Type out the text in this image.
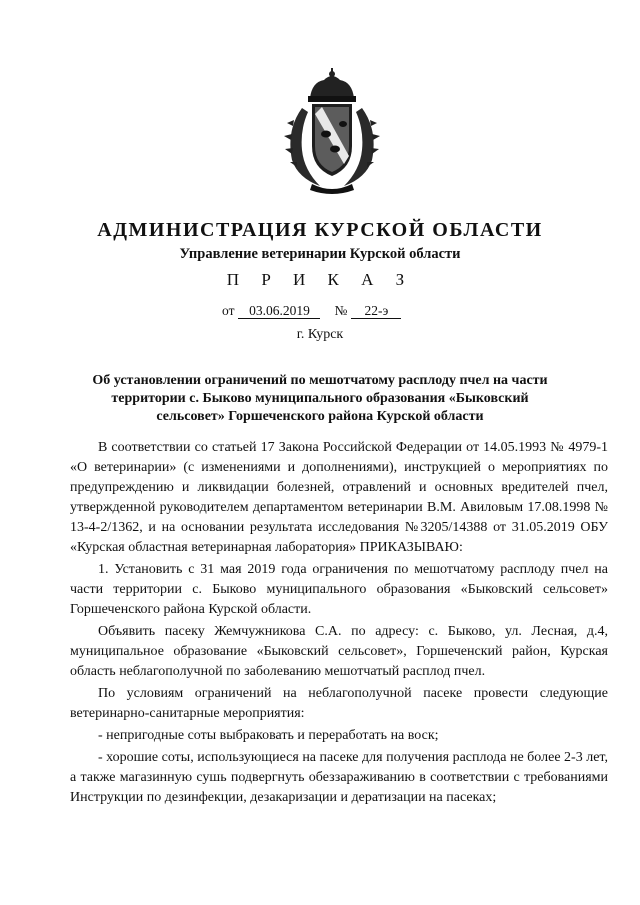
АДМИНИСТРАЦИЯ КУРСКОЙ ОБЛАСТИ
Управление ветеринарии Курской области
П Р И К А З
от 03.06.2019 № 22-э
г. Курск
Об установлении ограничений по мешотчатому расплоду пчел на части территории с. Быково муниципального образования «Быковский сельсовет» Горшеченского района Курской области

В соответствии со статьей 17 Закона Российской Федерации от 14.05.1993 № 4979-1 «О ветеринарии» (с изменениями и дополнениями), инструкцией о мероприятиях по предупреждению и ликвидации болезней, отравлений и основных вредителей пчел, утвержденной руководителем департаментом ветеринарии В.М. Авиловым 17.08.1998 № 13-4-2/1362, и на основании результата исследования №3205/14388 от 31.05.2019 ОБУ «Курская областная ветеринарная лаборатория» ПРИКАЗЫВАЮ:

1. Установить с 31 мая 2019 года ограничения по мешотчатому расплоду пчел на части территории с. Быково муниципального образования «Быковский сельсовет» Горшеченского района Курской области.

Объявить пасеку Жемчужникова С.А. по адресу: с. Быково, ул. Лесная, д.4, муниципальное образование «Быковский сельсовет», Горшеченский район, Курская область неблагополучной по заболеванию мешотчатый расплод пчел.

По условиям ограничений на неблагополучной пасеке провести следующие ветеринарно-санитарные мероприятия:

- непригодные соты выбраковать и переработать на воск;

- хорошие соты, использующиеся на пасеке для получения расплода не более 2-3 лет, а также магазинную сушь подвергнуть обеззараживанию в соответствии с требованиями Инструкции по дезинфекции, дезакаризации и дератизации на пасеках;
